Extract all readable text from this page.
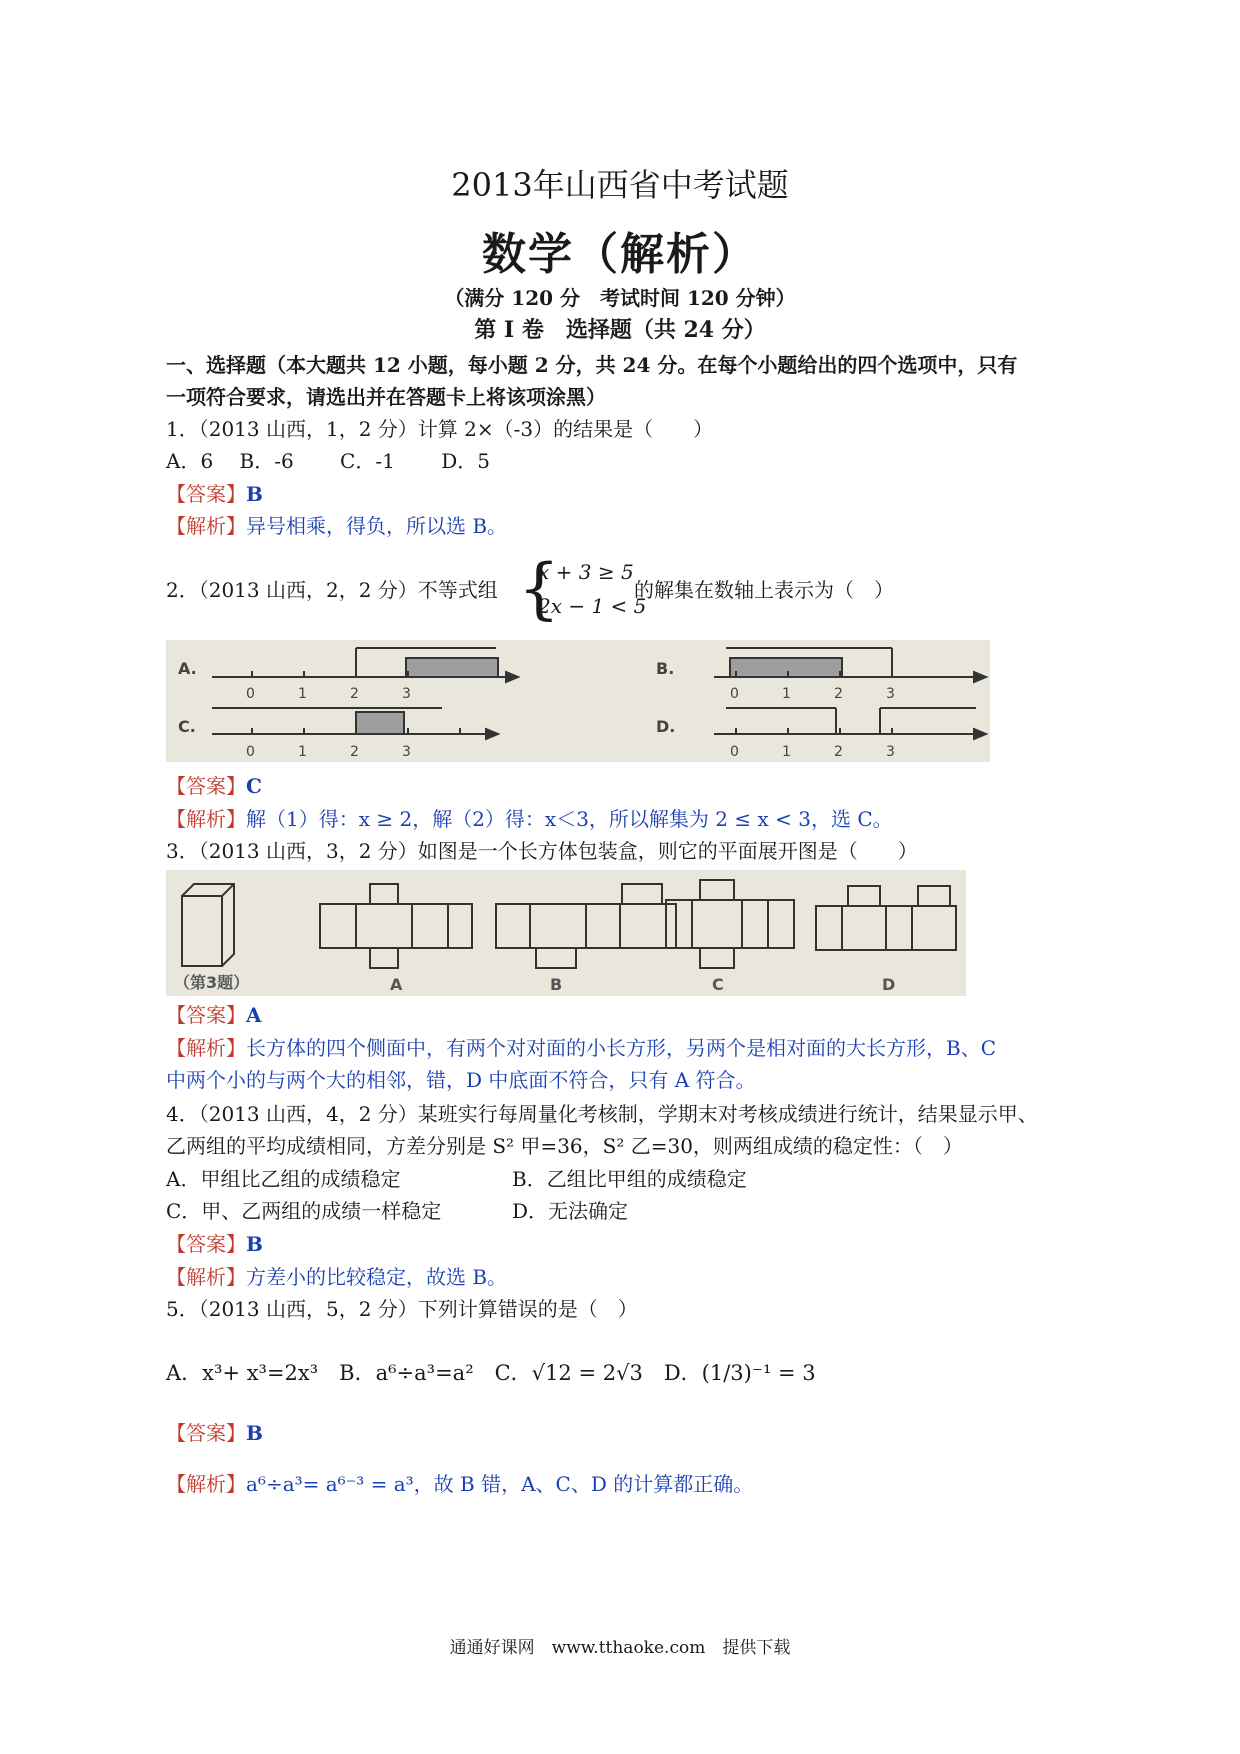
2013年山西省中考试题
数学（解析）
（满分 120 分　考试时间 120 分钟）
第 I 卷　选择题（共 24 分）
一、选择题（本大题共 12 小题，每小题 2 分，共 24 分。在每个小题给出的四个选项中，只有
一项符合要求，请选出并在答题卡上将该项涂黑）
1．（2013 山西，1，2 分）计算 2×（-3）的结果是（　　）
A．6　 B．-6　　 C．-1　　 D．5
【答案】B
【解析】异号相乘，得负，所以选 B。
2．（2013 山西，2，2 分）不等式组 {
x + 3 ≥ 5
2x − 1 < 5
的解集在数轴上表示为（　）
A.	B.
C.	D.
0	1	2	3	0	1	2	3
0	1	2	3	0	1	2	3
【答案】C
【解析】解（1）得：x ≥ 2，解（2）得：x＜3，所以解集为 2 ≤ x < 3，选 C。
3．（2013 山西，3，2 分）如图是一个长方体包装盒，则它的平面展开图是（　　）
（第3题）	A	B	C	D
【答案】A
【解析】长方体的四个侧面中，有两个对对面的小长方形，另两个是相对面的大长方形，B、C
中两个小的与两个大的相邻，错，D 中底面不符合，只有 A 符合。
4．（2013 山西，4，2 分）某班实行每周量化考核制，学期末对考核成绩进行统计，结果显示甲、
乙两组的平均成绩相同，方差分别是 S² 甲=36，S² 乙=30，则两组成绩的稳定性：（　）
A．甲组比乙组的成绩稳定	B．乙组比甲组的成绩稳定
C．甲、乙两组的成绩一样稳定	D．无法确定
【答案】B
【解析】方差小的比较稳定，故选 B。
5．（2013 山西，5，2 分）下列计算错误的是（　）
A．x³+ x³=2x³　B．a⁶÷a³=a²　C．√12 = 2√3　D．(1/3)⁻¹ = 3
【答案】B
【解析】a⁶÷a³= a⁶⁻³ = a³，故 B 错，A、C、D 的计算都正确。
通通好课网　www.tthaoke.com　提供下载
